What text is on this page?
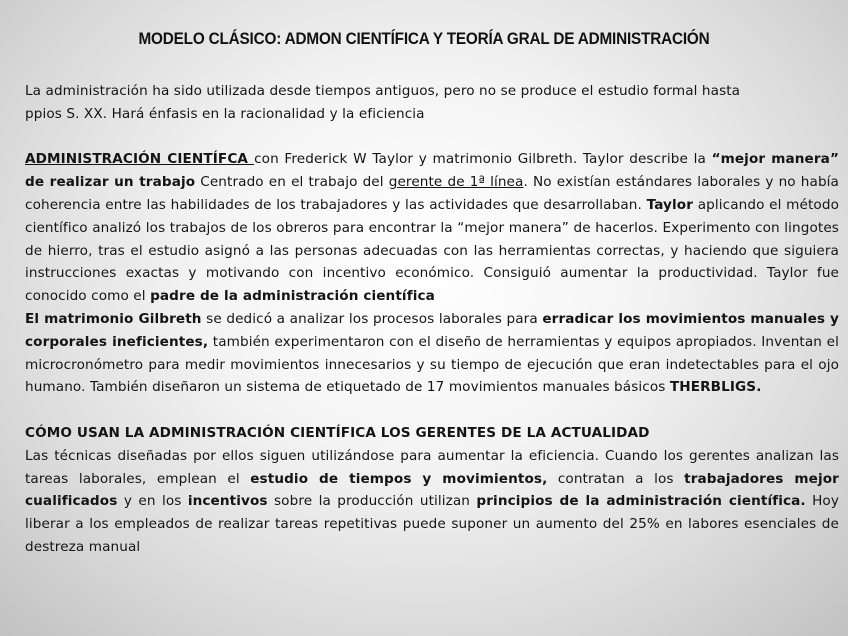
MODELO CLÁSICO: ADMON CIENTÍFICA Y TEORÍA GRAL DE ADMINISTRACIÓN

La administración ha sido utilizada desde tiempos antiguos, pero no se produce el estudio formal hasta

ppios S. XX. Hará énfasis en la racionalidad y la eficiencia

ADMINISTRACIÓN CIENTÍFCA con Frederick W Taylor y matrimonio Gilbreth. Taylor describe la “mejor manera” de realizar un trabajo Centrado en el trabajo del gerente de 1ª línea. No existían estándares laborales y no había coherencia entre las habilidades de los trabajadores y las actividades que desarrollaban. Taylor aplicando el método científico analizó los trabajos de los obreros para encontrar la “mejor manera” de hacerlos. Experimento con lingotes de hierro, tras el estudio asignó a las personas adecuadas con las herramientas correctas, y haciendo que siguiera instrucciones exactas y motivando con incentivo económico. Consiguió aumentar la productividad. Taylor fue conocido como el padre de la administración científica

El matrimonio Gilbreth se dedicó a analizar los procesos laborales para erradicar los movimientos manuales y corporales ineficientes, también experimentaron con el diseño de herramientas y equipos apropiados. Inventan el microcronómetro para medir movimientos innecesarios y su tiempo de ejecución que eran indetectables para el ojo humano. También diseñaron un sistema de etiquetado de 17 movimientos manuales básicos THERBLIGS.

CÓMO USAN LA ADMINISTRACIÓN CIENTÍFICA LOS GERENTES DE LA ACTUALIDAD

Las técnicas diseñadas por ellos siguen utilizándose para aumentar la eficiencia. Cuando los gerentes analizan las tareas laborales, emplean el estudio de tiempos y movimientos, contratan a los trabajadores mejor cualificados y en los incentivos sobre la producción utilizan principios de la administración científica. Hoy liberar a los empleados de realizar tareas repetitivas puede suponer un aumento del 25% en labores esenciales de destreza manual
